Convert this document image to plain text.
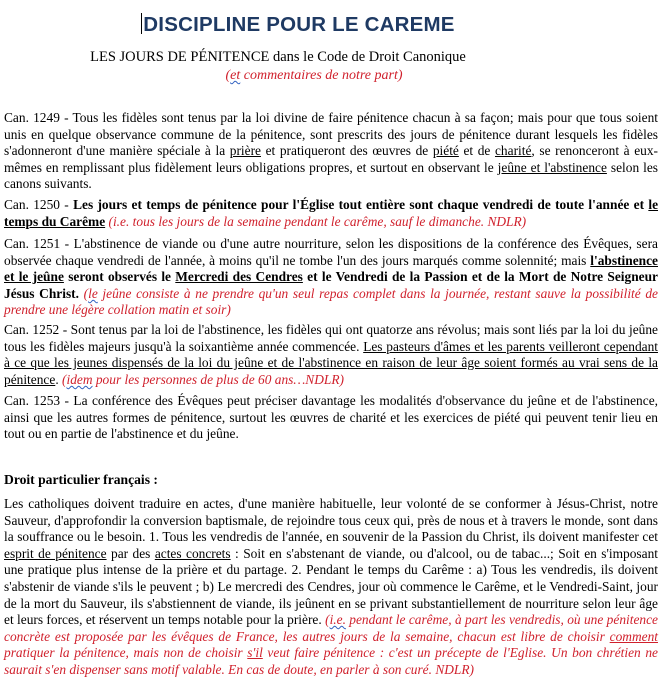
DISCIPLINE POUR LE CAREME
LES JOURS DE PÉNITENCE dans le Code de Droit Canonique
(et commentaires de notre part)
Can. 1249 - Tous les fidèles sont tenus par la loi divine de faire pénitence chacun à sa façon; mais pour que tous soient unis en quelque observance commune de la pénitence, sont prescrits des jours de pénitence durant lesquels les fidèles s'adonneront d'une manière spéciale à la prière et pratiqueront des œuvres de piété et de charité, se renonceront à eux-mêmes en remplissant plus fidèlement leurs obligations propres, et surtout en observant le jeûne et l'abstinence selon les canons suivants.
Can. 1250 - Les jours et temps de pénitence pour l'Église tout entière sont chaque vendredi de toute l'année et le temps du Carême (i.e. tous les jours de la semaine pendant le carême, sauf le dimanche. NDLR)
Can. 1251 - L'abstinence de viande ou d'une autre nourriture, selon les dispositions de la conférence des Évêques, sera observée chaque vendredi de l'année, à moins qu'il ne tombe l'un des jours marqués comme solennité; mais l'abstinence et le jeûne seront observés le Mercredi des Cendres et le Vendredi de la Passion et de la Mort de Notre Seigneur Jésus Christ. (le jeûne consiste à ne prendre qu'un seul repas complet dans la journée, restant sauve la possibilité de prendre une légère collation matin et soir)
Can. 1252 - Sont tenus par la loi de l'abstinence, les fidèles qui ont quatorze ans révolus; mais sont liés par la loi du jeûne tous les fidèles majeurs jusqu'à la soixantième année commencée. Les pasteurs d'âmes et les parents veilleront cependant à ce que les jeunes dispensés de la loi du jeûne et de l'abstinence en raison de leur âge soient formés au vrai sens de la pénitence. (idem pour les personnes de plus de 60 ans…NDLR)
Can. 1253 - La conférence des Évêques peut préciser davantage les modalités d'observance du jeûne et de l'abstinence, ainsi que les autres formes de pénitence, surtout les œuvres de charité et les exercices de piété qui peuvent tenir lieu en tout ou en partie de l'abstinence et du jeûne.
Droit particulier français :
Les catholiques doivent traduire en actes, d'une manière habituelle, leur volonté de se conformer à Jésus-Christ, notre Sauveur, d'approfondir la conversion baptismale, de rejoindre tous ceux qui, près de nous et à travers le monde, sont dans la souffrance ou le besoin. 1. Tous les vendredis de l'année, en souvenir de la Passion du Christ, ils doivent manifester cet esprit de pénitence par des actes concrets : Soit en s'abstenant de viande, ou d'alcool, ou de tabac...; Soit en s'imposant une pratique plus intense de la prière et du partage. 2. Pendant le temps du Carême : a) Tous les vendredis, ils doivent s'abstenir de viande s'ils le peuvent ; b) Le mercredi des Cendres, jour où commence le Carême, et le Vendredi-Saint, jour de la mort du Sauveur, ils s'abstiennent de viande, ils jeûnent en se privant substantiellement de nourriture selon leur âge et leurs forces, et réservent un temps notable pour la prière. (i.e. pendant le carême, à part les vendredis, où une pénitence concrète est proposée par les évêques de France, les autres jours de la semaine, chacun est libre de choisir comment pratiquer la pénitence, mais non de choisir s'il veut faire pénitence : c'est un précepte de l'Eglise. Un bon chrétien ne saurait s'en dispenser sans motif valable. En cas de doute, en parler à son curé. NDLR)
